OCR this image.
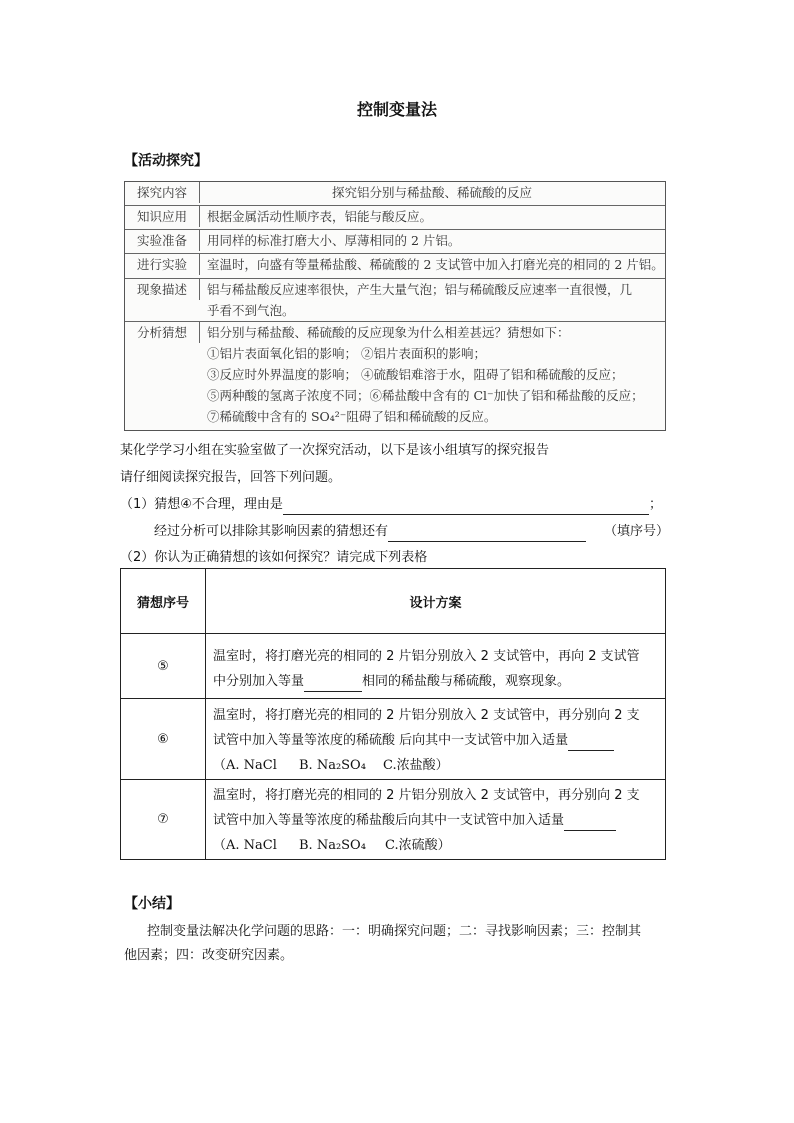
控制变量法
【活动探究】
探究内容	探究铝分别与稀盐酸、稀硫酸的反应
知识应用	根据金属活动性顺序表，铝能与酸反应。
实验准备	用同样的标准打磨大小、厚薄相同的 2 片铝。
进行实验	室温时，向盛有等量稀盐酸、稀硫酸的 2 支试管中加入打磨光亮的相同的 2 片铝。
现象描述	铝与稀盐酸反应速率很快，产生大量气泡；铝与稀硫酸反应速率一直很慢，几
乎看不到气泡。
分析猜想	铝分别与稀盐酸、稀硫酸的反应现象为什么相差甚远？猜想如下：
①铝片表面氧化铝的影响； ②铝片表面积的影响；
③反应时外界温度的影响； ④硫酸铝难溶于水，阻碍了铝和稀硫酸的反应；
⑤两种酸的氢离子浓度不同；⑥稀盐酸中含有的 Cl⁻加快了铝和稀盐酸的反应；
⑦稀硫酸中含有的 SO₄²⁻阻碍了铝和稀硫酸的反应。
某化学学习小组在实验室做了一次探究活动，以下是该小组填写的探究报告
请仔细阅读探究报告，回答下列问题。
（1）猜想④不合理，理由是	；
经过分析可以排除其影响因素的猜想还有	（填序号）
（2）你认为正确猜想的该如何探究？请完成下列表格
猜想序号	设计方案
⑤
温室时，将打磨光亮的相同的 2 片铝分别放入 2 支试管中，再向 2 支试管
中分别加入等量	相同的稀盐酸与稀硫酸，观察现象。
⑥
温室时，将打磨光亮的相同的 2 片铝分别放入 2 支试管中，再分别向 2 支
试管中加入等量等浓度的稀硫酸 后向其中一支试管中加入适量
（A. NaCl B. Na₂SO₄ C.浓盐酸）
⑦
温室时，将打磨光亮的相同的 2 片铝分别放入 2 支试管中，再分别向 2 支
试管中加入等量等浓度的稀盐酸后向其中一支试管中加入适量
（A. NaCl B. Na₂SO₄ C.浓硫酸）
【小结】
控制变量法解决化学问题的思路：一：明确探究问题；二：寻找影响因素；三：控制其
他因素；四：改变研究因素。
